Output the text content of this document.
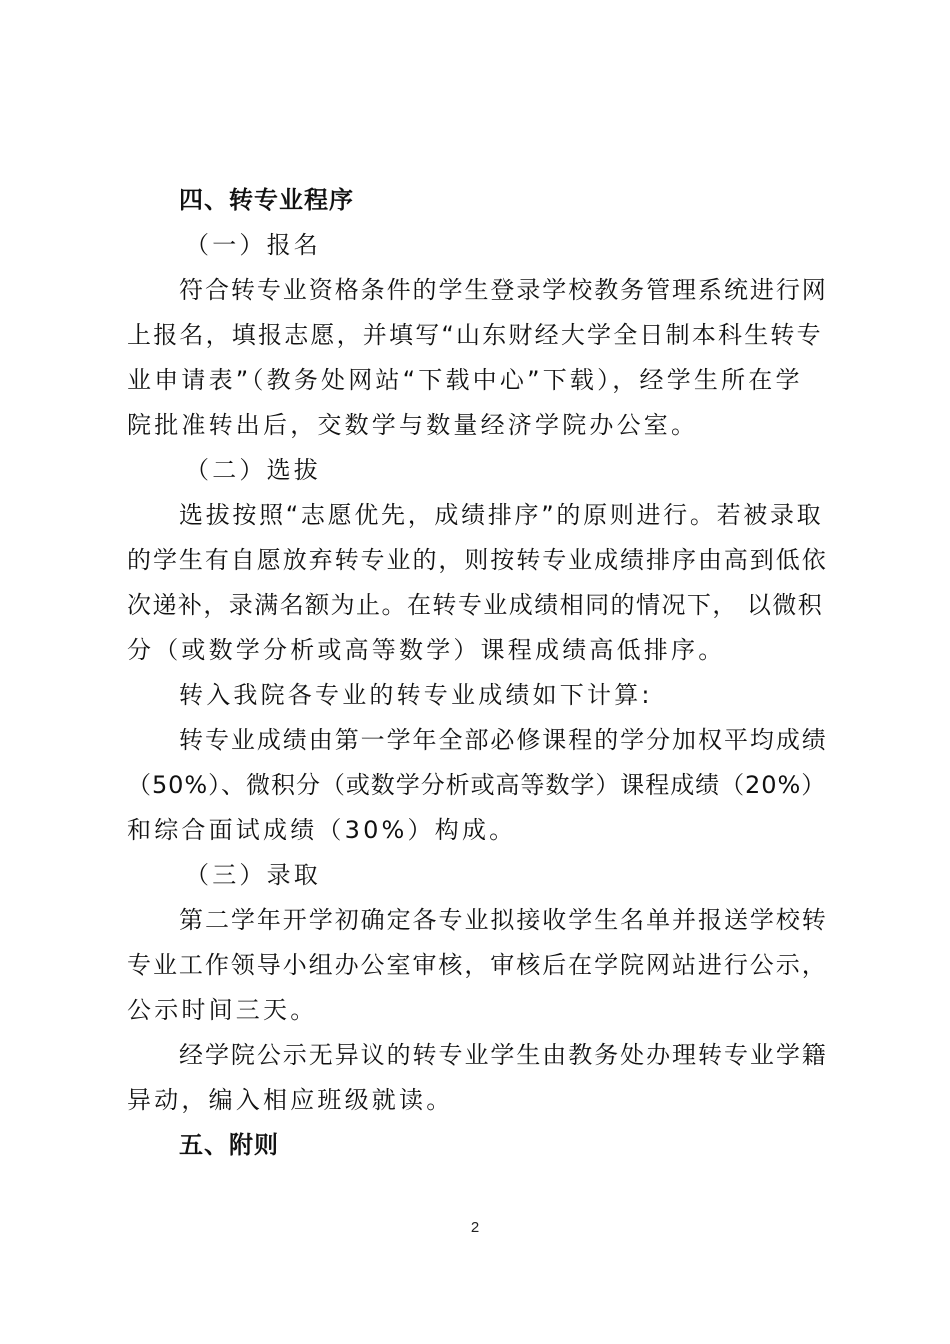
四、转专业程序
（一）报名
符合转专业资格条件的学生登录学校教务管理系统进行网
上报名，填报志愿，并填写“山东财经大学全日制本科生转专
业申请表”（教务处网站“下载中心”下载），经学生所在学
院批准转出后，交数学与数量经济学院办公室。
（二）选拔
选拔按照“志愿优先，成绩排序”的原则进行。若被录取
的学生有自愿放弃转专业的，则按转专业成绩排序由高到低依
次递补，录满名额为止。在转专业成绩相同的情况下， 以微积
分（或数学分析或高等数学）课程成绩高低排序。
转入我院各专业的转专业成绩如下计算:
转专业成绩由第一学年全部必修课程的学分加权平均成绩
（50%）、微积分（或数学分析或高等数学）课程成绩（20%）
和综合面试成绩（30%）构成。
（三）录取
第二学年开学初确定各专业拟接收学生名单并报送学校转
专业工作领导小组办公室审核，审核后在学院网站进行公示，
公示时间三天。
经学院公示无异议的转专业学生由教务处办理转专业学籍
异动，编入相应班级就读。
五、附则
2
